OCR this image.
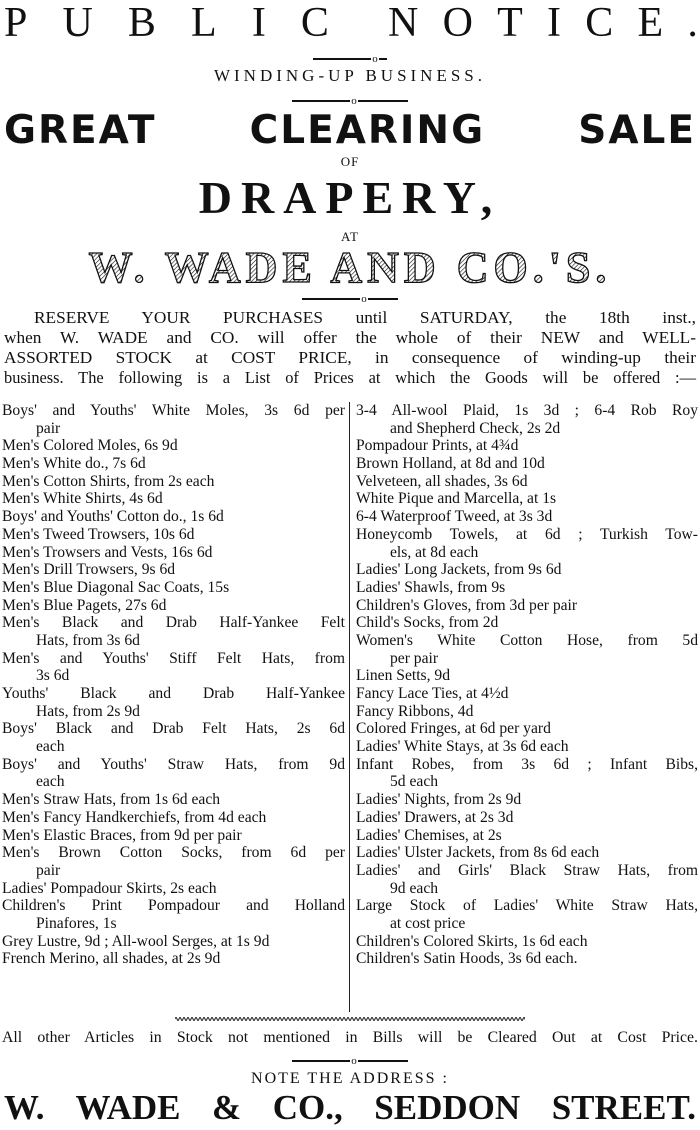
P U B L I C N O T I C E .
o
WINDING-UP BUSINESS.
o
GREAT CLEARING SALE
OF
DRAPERY,
AT
W. WADE AND CO.'S.
o
RESERVE YOUR PURCHASES until SATURDAY, the 18th inst.,
when W. WADE and CO. will offer the whole of their NEW and WELL-
ASSORTED STOCK at COST PRICE, in consequence of winding-up their
business. The following is a List of Prices at which the Goods will be offered :—
Boys' and Youths' White Moles, 3s 6d per
pair
Men's Colored Moles, 6s 9d
Men's White do., 7s 6d
Men's Cotton Shirts, from 2s each
Men's White Shirts, 4s 6d
Boys' and Youths' Cotton do., 1s 6d
Men's Tweed Trowsers, 10s 6d
Men's Trowsers and Vests, 16s 6d
Men's Drill Trowsers, 9s 6d
Men's Blue Diagonal Sac Coats, 15s
Men's Blue Pagets, 27s 6d
Men's Black and Drab Half-Yankee Felt
Hats, from 3s 6d
Men's and Youths' Stiff Felt Hats, from
3s 6d
Youths' Black and Drab Half-Yankee
Hats, from 2s 9d
Boys' Black and Drab Felt Hats, 2s 6d
each
Boys' and Youths' Straw Hats, from 9d
each
Men's Straw Hats, from 1s 6d each
Men's Fancy Handkerchiefs, from 4d each
Men's Elastic Braces, from 9d per pair
Men's Brown Cotton Socks, from 6d per
pair
Ladies' Pompadour Skirts, 2s each
Children's Print Pompadour and Holland
Pinafores, 1s
Grey Lustre, 9d ; All-wool Serges, at 1s 9d
French Merino, all shades, at 2s 9d
3-4 All-wool Plaid, 1s 3d ; 6-4 Rob Roy
and Shepherd Check, 2s 2d
Pompadour Prints, at 4¾d
Brown Holland, at 8d and 10d
Velveteen, all shades, 3s 6d
White Pique and Marcella, at 1s
6-4 Waterproof Tweed, at 3s 3d
Honeycomb Towels, at 6d ; Turkish Tow-
els, at 8d each
Ladies' Long Jackets, from 9s 6d
Ladies' Shawls, from 9s
Children's Gloves, from 3d per pair
Child's Socks, from 2d
Women's White Cotton Hose, from 5d
per pair
Linen Setts, 9d
Fancy Lace Ties, at 4½d
Fancy Ribbons, 4d
Colored Fringes, at 6d per yard
Ladies' White Stays, at 3s 6d each
Infant Robes, from 3s 6d ; Infant Bibs,
5d each
Ladies' Nights, from 2s 9d
Ladies' Drawers, at 2s 3d
Ladies' Chemises, at 2s
Ladies' Ulster Jackets, from 8s 6d each
Ladies' and Girls' Black Straw Hats, from
9d each
Large Stock of Ladies' White Straw Hats,
at cost price
Children's Colored Skirts, 1s 6d each
Children's Satin Hoods, 3s 6d each.
All other Articles in Stock not mentioned in Bills will be Cleared Out at Cost Price.
o
NOTE THE ADDRESS :
W. WADE & CO., SEDDON STREET.
